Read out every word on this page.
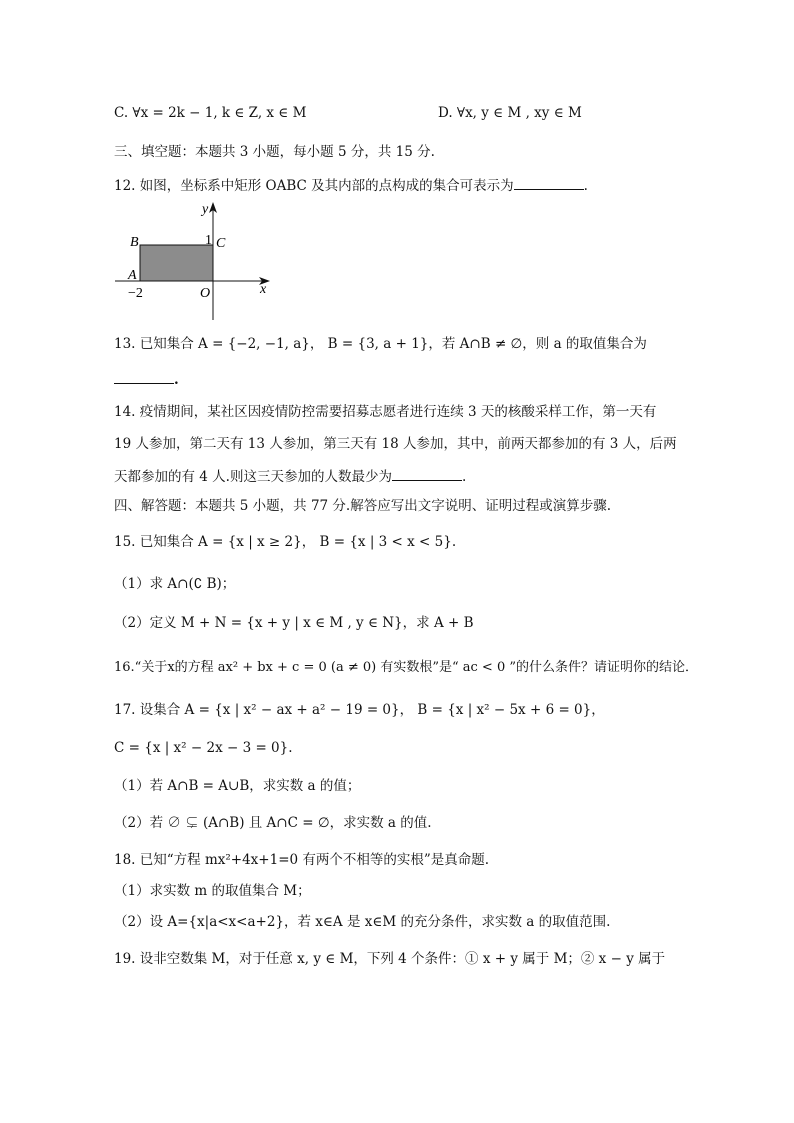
C. ∀x = 2k − 1, k ∈ Z, x ∈ M	D. ∀x, y ∈ M , xy ∈ M
三、填空题：本题共 3 小题，每小题 5 分，共 15 分.
12. 如图，坐标系中矩形 OABC 及其内部的点构成的集合可表示为	.
y
x
B	1 C
A
−2	O
13. 已知集合 A = {−2, −1, a}， B = {3, a + 1}，若 A∩B ≠ ∅，则 a 的取值集合为
.
14. 疫情期间，某社区因疫情防控需要招募志愿者进行连续 3 天的核酸采样工作，第一天有
19 人参加，第二天有 13 人参加，第三天有 18 人参加，其中，前两天都参加的有 3 人，后两
天都参加的有 4 人.则这三天参加的人数最少为	.
四、解答题：本题共 5 小题，共 77 分.解答应写出文字说明、证明过程或演算步骤.
15. 已知集合 A = {x | x ≥ 2}， B = {x | 3 < x < 5}.
（1）求 A∩(∁ B)；
（2）定义 M + N = {x + y | x ∈ M , y ∈ N}，求 A + B
16.“关于x的方程 ax² + bx + c = 0 (a ≠ 0) 有实数根”是“ ac < 0 ”的什么条件？请证明你的结论．
17. 设集合 A = {x | x² − ax + a² − 19 = 0}， B = {x | x² − 5x + 6 = 0}，
C = {x | x² − 2x − 3 = 0}.
（1）若 A∩B = A∪B，求实数 a 的值；
（2）若 ∅ ⊊ (A∩B) 且 A∩C = ∅，求实数 a 的值.
18. 已知“方程 mx²+4x+1=0 有两个不相等的实根”是真命题.
（1）求实数 m 的取值集合 M；
（2）设 A={x|a<x<a+2}，若 x∈A 是 x∈M 的充分条件，求实数 a 的取值范围.
19. 设非空数集 M，对于任意 x, y ∈ M，下列 4 个条件：① x + y 属于 M；② x − y 属于
